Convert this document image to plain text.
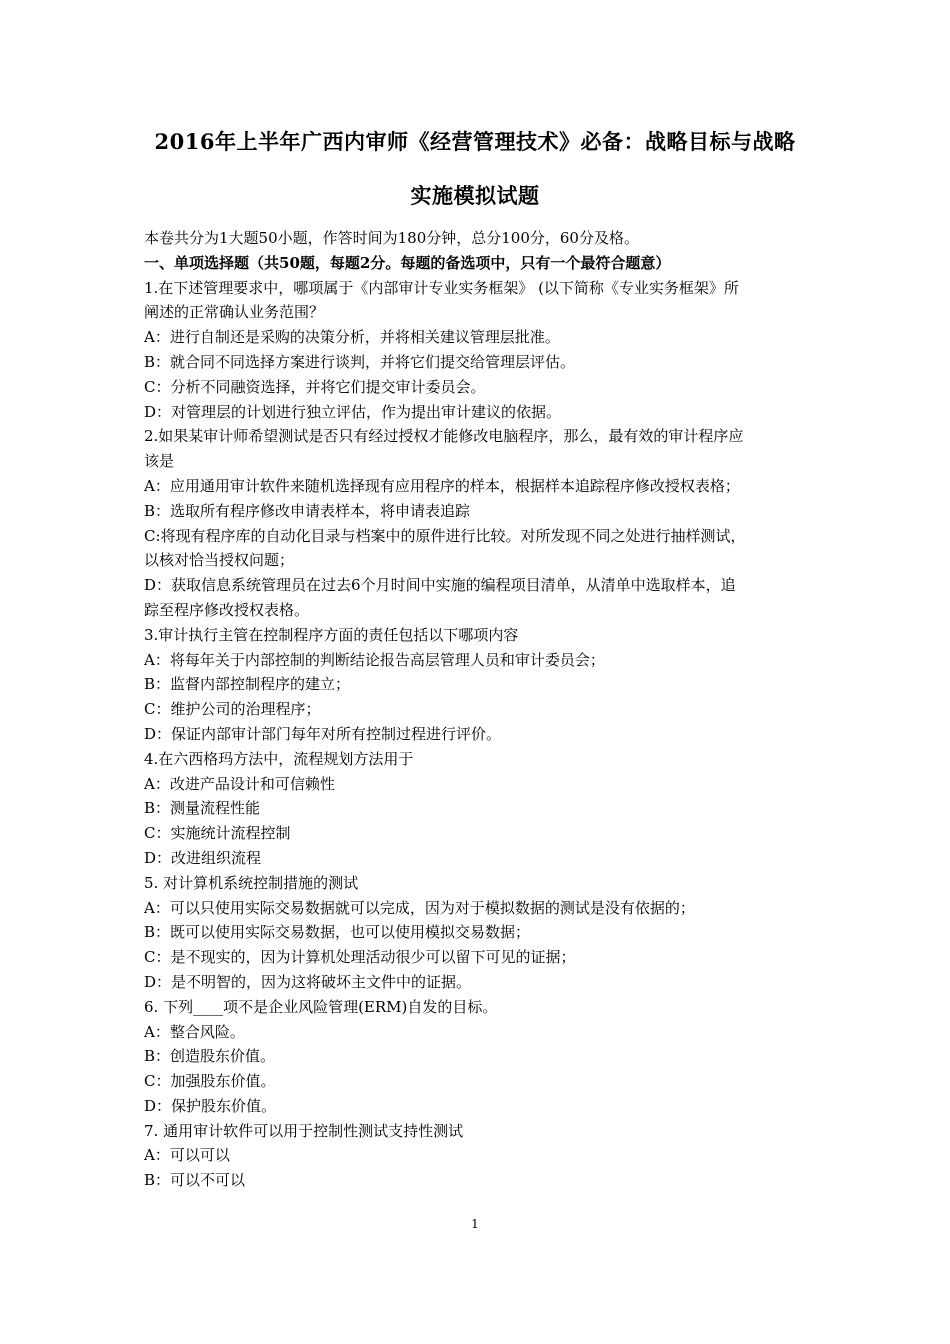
2016年上半年广西内审师《经营管理技术》必备：战略目标与战略
实施模拟试题
本卷共分为1大题50小题，作答时间为180分钟，总分100分，60分及格。
一、单项选择题（共50题，每题2分。每题的备选项中，只有一个最符合题意）
1.在下述管理要求中，哪项属于《内部审计专业实务框架》 (以下简称《专业实务框架》所
阐述的正常确认业务范围？
A：进行自制还是采购的决策分析，并将相关建议管理层批准。
B：就合同不同选择方案进行谈判，并将它们提交给管理层评估。
C：分析不同融资选择，并将它们提交审计委员会。
D：对管理层的计划进行独立评估，作为提出审计建议的依据。
2.如果某审计师希望测试是否只有经过授权才能修改电脑程序，那么，最有效的审计程序应
该是
A：应用通用审计软件来随机选择现有应用程序的样本，根据样本追踪程序修改授权表格；
B：选取所有程序修改申请表样本，将申请表追踪
C:将现有程序库的自动化目录与档案中的原件进行比较。对所发现不同之处进行抽样测试，
以核对恰当授权问题；
D：获取信息系统管理员在过去6个月时间中实施的编程项目清单，从清单中选取样本，追
踪至程序修改授权表格。
3.审计执行主管在控制程序方面的责任包括以下哪项内容
A：将每年关于内部控制的判断结论报告高层管理人员和审计委员会；
B：监督内部控制程序的建立；
C：维护公司的治理程序；
D：保证内部审计部门每年对所有控制过程进行评价。
4.在六西格玛方法中，流程规划方法用于
A：改进产品设计和可信赖性
B：测量流程性能
C：实施统计流程控制
D：改进组织流程
5. 对计算机系统控制措施的测试
A：可以只使用实际交易数据就可以完成，因为对于模拟数据的测试是没有依据的；
B：既可以使用实际交易数据，也可以使用模拟交易数据；
C：是不现实的，因为计算机处理活动很少可以留下可见的证据；
D：是不明智的，因为这将破坏主文件中的证据。
6. 下列____项不是企业风险管理(ERM)自发的目标。
A：整合风险。
B：创造股东价值。
C：加强股东价值。
D：保护股东价值。
7. 通用审计软件可以用于控制性测试支持性测试
A：可以可以
B：可以不可以
1
